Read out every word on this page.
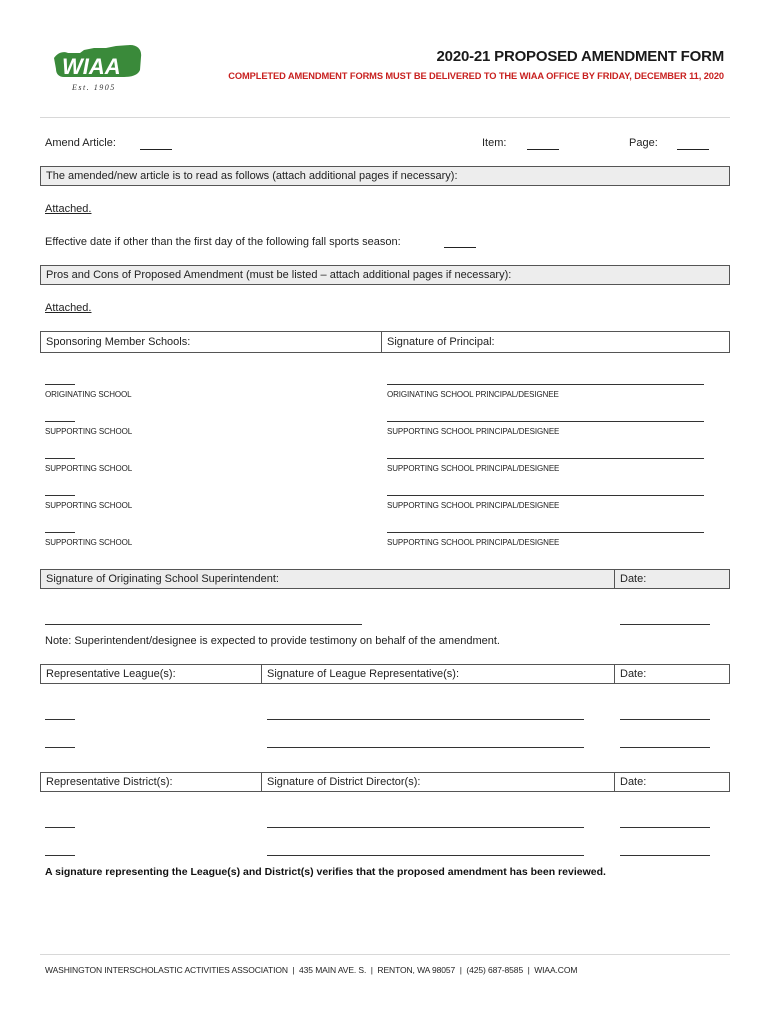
WIAA
Est. 1905
2020-21 PROPOSED AMENDMENT FORM
COMPLETED AMENDMENT FORMS MUST BE DELIVERED TO THE WIAA OFFICE BY FRIDAY, DECEMBER 11, 2020
Amend Article:	Item:	Page:
The amended/new article is to read as follows (attach additional pages if necessary):
Attached.
Effective date if other than the first day of the following fall sports season:
Pros and Cons of Proposed Amendment (must be listed – attach additional pages if necessary):
Attached.
Sponsoring Member Schools:	Signature of Principal:
ORIGINATING SCHOOL	ORIGINATING SCHOOL PRINCIPAL/DESIGNEE
SUPPORTING SCHOOL	SUPPORTING SCHOOL PRINCIPAL/DESIGNEE
SUPPORTING SCHOOL	SUPPORTING SCHOOL PRINCIPAL/DESIGNEE
SUPPORTING SCHOOL	SUPPORTING SCHOOL PRINCIPAL/DESIGNEE
SUPPORTING SCHOOL	SUPPORTING SCHOOL PRINCIPAL/DESIGNEE
Signature of Originating School Superintendent:	Date:
Note: Superintendent/designee is expected to provide testimony on behalf of the amendment.
Representative League(s):	Signature of League Representative(s):	Date:
Representative District(s):	Signature of District Director(s):	Date:
A signature representing the League(s) and District(s) verifies that the proposed amendment has been reviewed.
WASHINGTON INTERSCHOLASTIC ACTIVITIES ASSOCIATION  |  435 MAIN AVE. S.  |  RENTON, WA 98057  |  (425) 687-8585  |  WIAA.COM
